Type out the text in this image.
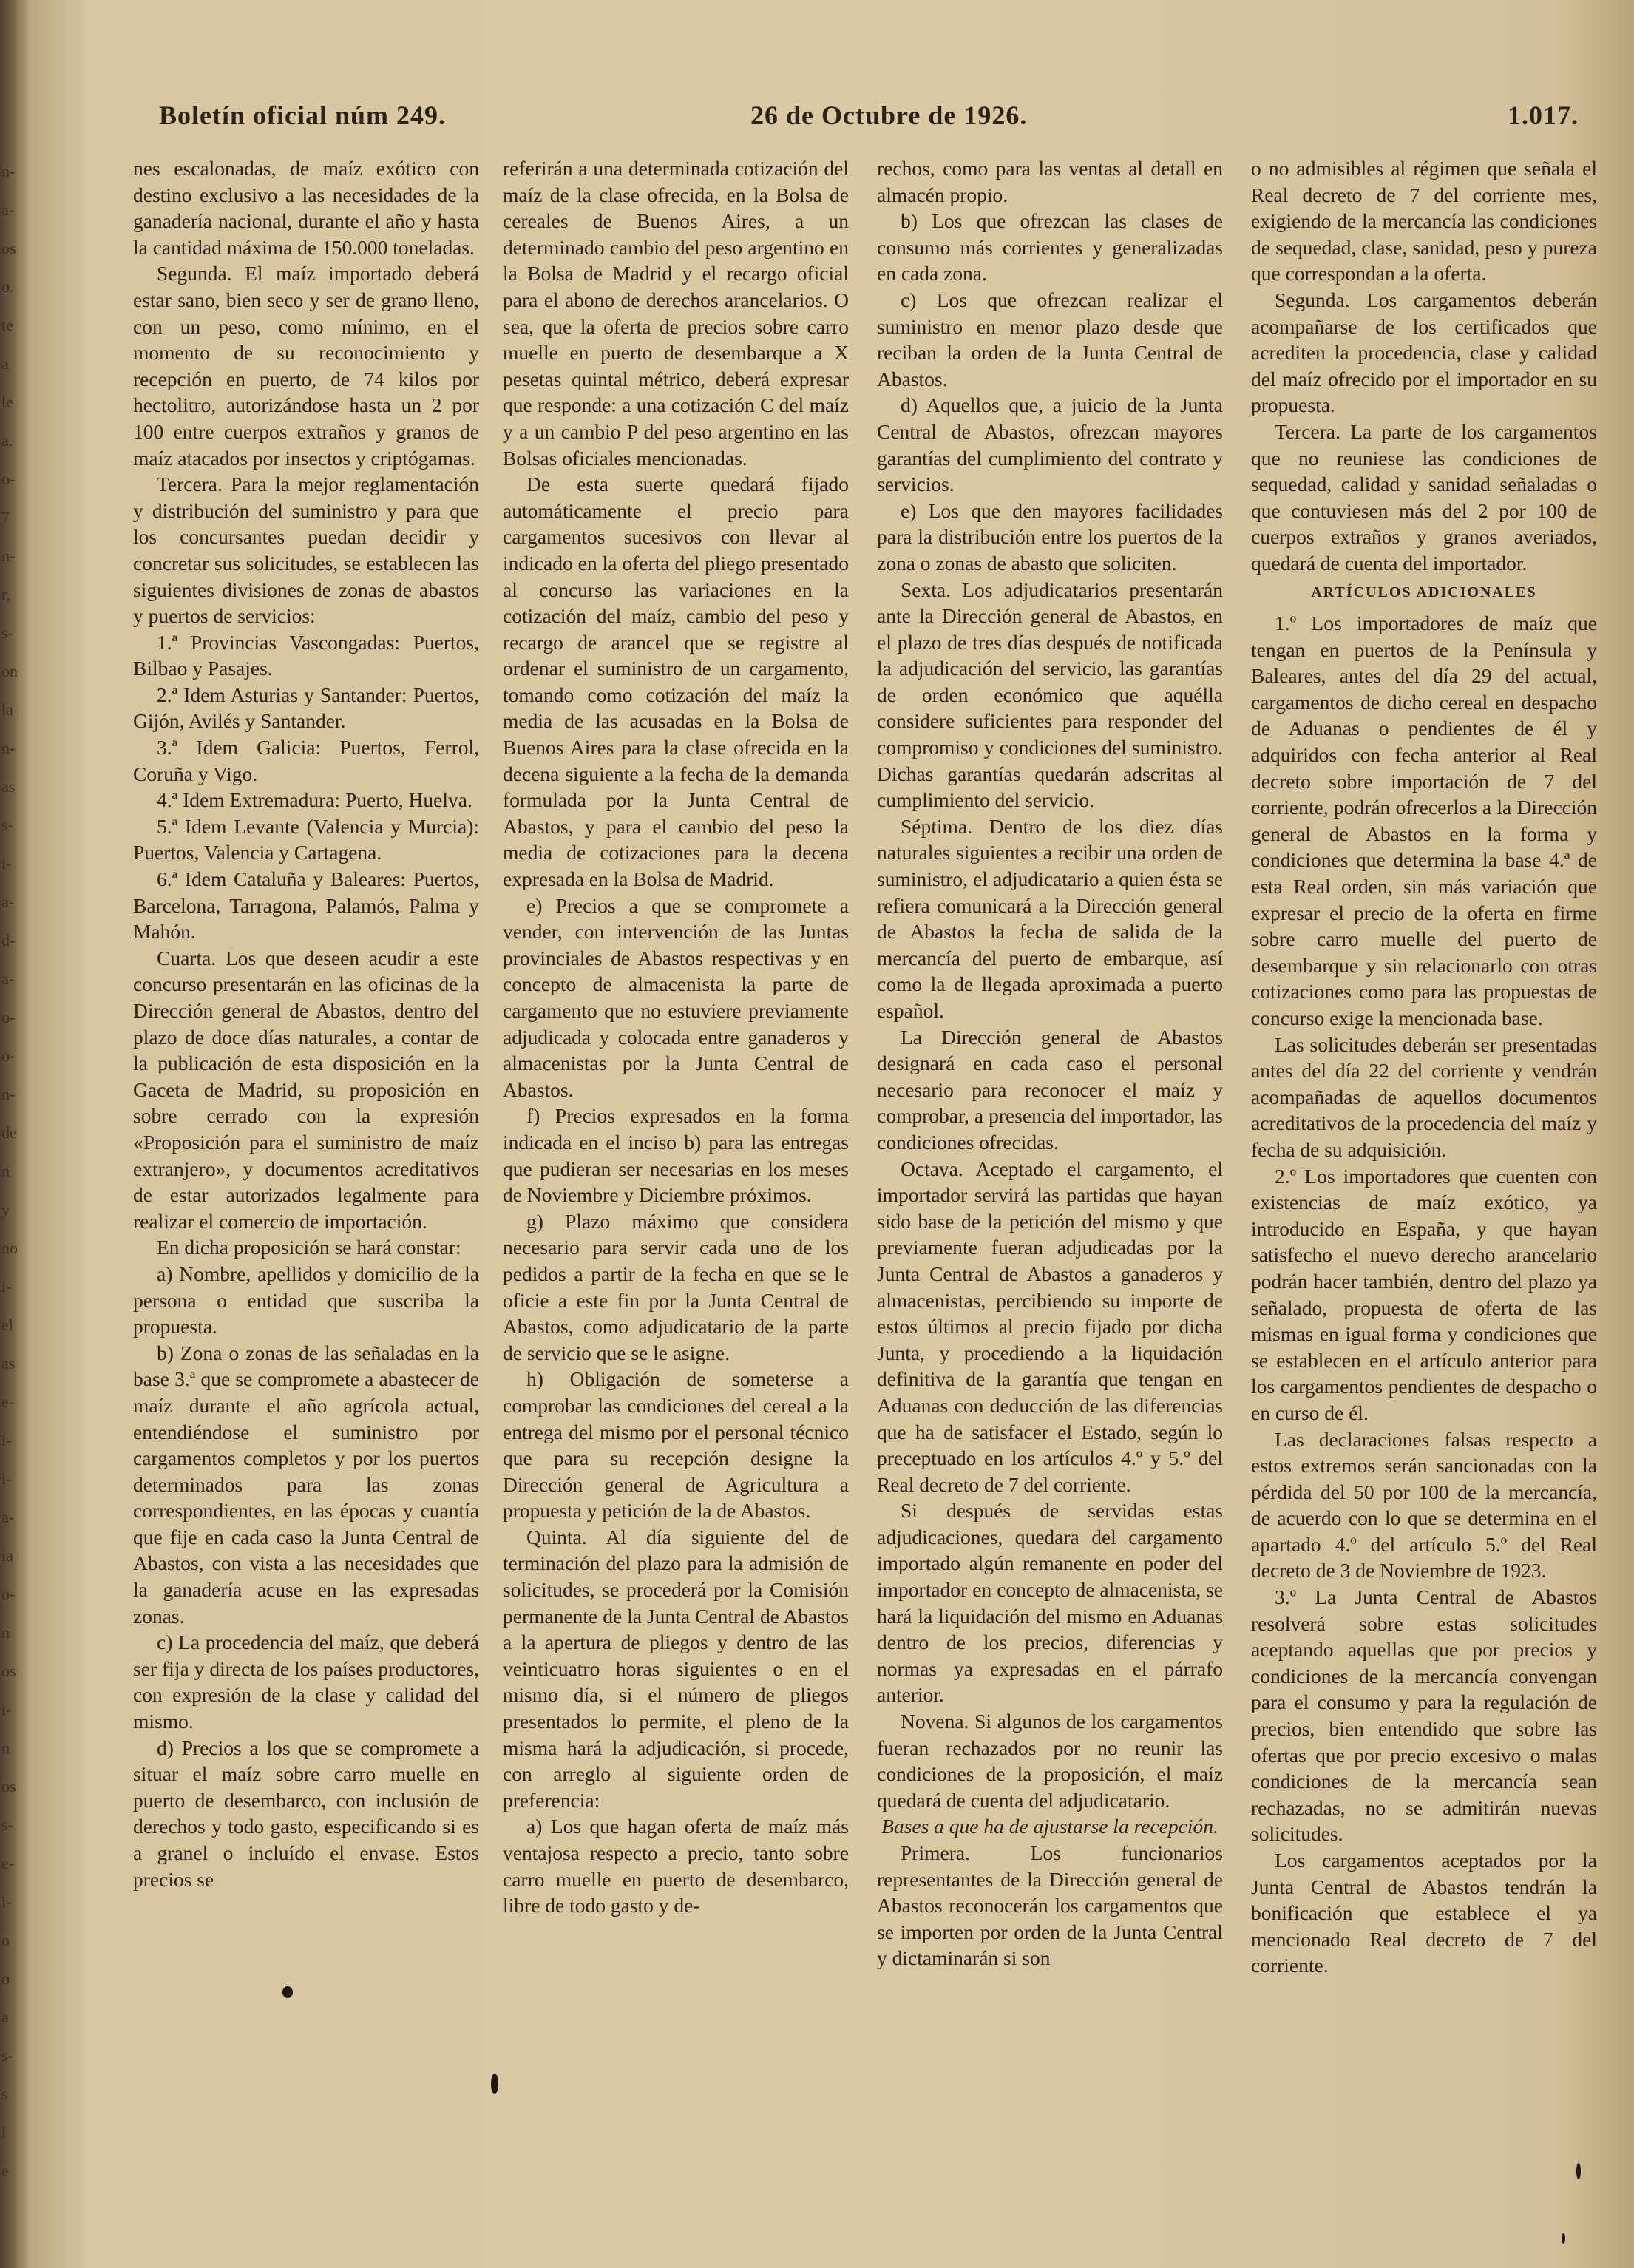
n-
a-
os
o.
te
a
le
a.
o-
7
n-
r,
s-
on
la
n-
as
s-
i-
a-
d-
a-
o-
o-
n-
de
n
y
no
i-
el
as
e-
i-
i-
a-
ia
o-
n
os
i-
n
os
s-
e-
i-
o
o
a
s-
s
l
e
Boletín oficial núm 249.	26 de Octubre de 1926.	1.017.

nes escalonadas, de maíz exótico con destino exclusivo a las necesidades de la ganadería nacional, durante el año y hasta la cantidad máxima de 150.000 toneladas.

Segunda. El maíz importado deberá estar sano, bien seco y ser de grano lleno, con un peso, como mínimo, en el momento de su reconocimiento y recepción en puerto, de 74 kilos por hectolitro, autorizándose hasta un 2 por 100 entre cuerpos extraños y granos de maíz atacados por insectos y criptógamas.

Tercera. Para la mejor reglamentación y distribución del suministro y para que los concursantes puedan decidir y concretar sus solicitudes, se establecen las siguientes divisiones de zonas de abastos y puertos de servicios:

1.ª Provincias Vascongadas: Puertos, Bilbao y Pasajes.

2.ª Idem Asturias y Santander: Puertos, Gijón, Avilés y Santander.

3.ª Idem Galicia: Puertos, Ferrol, Coruña y Vigo.

4.ª Idem Extremadura: Puerto, Huelva.

5.ª Idem Levante (Valencia y Murcia): Puertos, Valencia y Cartagena.

6.ª Idem Cataluña y Baleares: Puertos, Barcelona, Tarragona, Palamós, Palma y Mahón.

Cuarta. Los que deseen acudir a este concurso presentarán en las oficinas de la Dirección general de Abastos, dentro del plazo de doce días naturales, a contar de la publicación de esta disposición en la Gaceta de Madrid, su proposición en sobre cerrado con la expresión «Proposición para el suministro de maíz extranjero», y documentos acreditativos de estar autorizados legalmente para realizar el comercio de importación.

En dicha proposición se hará constar:

a) Nombre, apellidos y domicilio de la persona o entidad que suscriba la propuesta.

b) Zona o zonas de las señaladas en la base 3.ª que se compromete a abastecer de maíz durante el año agrícola actual, entendiéndose el suministro por cargamentos completos y por los puertos determinados para las zonas correspondientes, en las épocas y cuantía que fije en cada caso la Junta Central de Abastos, con vista a las necesidades que la ganadería acuse en las expresadas zonas.

c) La procedencia del maíz, que deberá ser fija y directa de los países productores, con expresión de la clase y calidad del mismo.

d) Precios a los que se compromete a situar el maíz sobre carro muelle en puerto de desembarco, con inclusión de derechos y todo gasto, especificando si es a granel o incluído el envase. Estos precios se

referirán a una determinada cotización del maíz de la clase ofrecida, en la Bolsa de cereales de Buenos Aires, a un determinado cambio del peso argentino en la Bolsa de Madrid y el recargo oficial para el abono de derechos arancelarios. O sea, que la oferta de precios sobre carro muelle en puerto de desembarque a X pesetas quintal métrico, deberá expresar que responde: a una cotización C del maíz y a un cambio P del peso argentino en las Bolsas oficiales mencionadas.

De esta suerte quedará fijado automáticamente el precio para cargamentos sucesivos con llevar al indicado en la oferta del pliego presentado al concurso las variaciones en la cotización del maíz, cambio del peso y recargo de arancel que se registre al ordenar el suministro de un cargamento, tomando como cotización del maíz la media de las acusadas en la Bolsa de Buenos Aires para la clase ofrecida en la decena siguiente a la fecha de la demanda formulada por la Junta Central de Abastos, y para el cambio del peso la media de cotizaciones para la decena expresada en la Bolsa de Madrid.

e) Precios a que se compromete a vender, con intervención de las Juntas provinciales de Abastos respectivas y en concepto de almacenista la parte de cargamento que no estuviere previamente adjudicada y colocada entre ganaderos y almacenistas por la Junta Central de Abastos.

f) Precios expresados en la forma indicada en el inciso b) para las entregas que pudieran ser necesarias en los meses de Noviembre y Diciembre próximos.

g) Plazo máximo que considera necesario para servir cada uno de los pedidos a partir de la fecha en que se le oficie a este fin por la Junta Central de Abastos, como adjudicatario de la parte de servicio que se le asigne.

h) Obligación de someterse a comprobar las condiciones del cereal a la entrega del mismo por el personal técnico que para su recepción designe la Dirección general de Agricultura a propuesta y petición de la de Abastos.

Quinta. Al día siguiente del de terminación del plazo para la admisión de solicitudes, se procederá por la Comisión permanente de la Junta Central de Abastos a la apertura de pliegos y dentro de las veinticuatro horas siguientes o en el mismo día, si el número de pliegos presentados lo permite, el pleno de la misma hará la adjudicación, si procede, con arreglo al siguiente orden de preferencia:

a) Los que hagan oferta de maíz más ventajosa respecto a precio, tanto sobre carro muelle en puerto de desembarco, libre de todo gasto y de-

rechos, como para las ventas al detall en almacén propio.

b) Los que ofrezcan las clases de consumo más corrientes y generalizadas en cada zona.

c) Los que ofrezcan realizar el suministro en menor plazo desde que reciban la orden de la Junta Central de Abastos.

d) Aquellos que, a juicio de la Junta Central de Abastos, ofrezcan mayores garantías del cumplimiento del contrato y servicios.

e) Los que den mayores facilidades para la distribución entre los puertos de la zona o zonas de abasto que soliciten.

Sexta. Los adjudicatarios presentarán ante la Dirección general de Abastos, en el plazo de tres días después de notificada la adjudicación del servicio, las garantías de orden económico que aquélla considere suficientes para responder del compromiso y condiciones del suministro. Dichas garantías quedarán adscritas al cumplimiento del servicio.

Séptima. Dentro de los diez días naturales siguientes a recibir una orden de suministro, el adjudicatario a quien ésta se refiera comunicará a la Dirección general de Abastos la fecha de salida de la mercancía del puerto de embarque, así como la de llegada aproximada a puerto español.

La Dirección general de Abastos designará en cada caso el personal necesario para reconocer el maíz y comprobar, a presencia del importador, las condiciones ofrecidas.

Octava. Aceptado el cargamento, el importador servirá las partidas que hayan sido base de la petición del mismo y que previamente fueran adjudicadas por la Junta Central de Abastos a ganaderos y almacenistas, percibiendo su importe de estos últimos al precio fijado por dicha Junta, y procediendo a la liquidación definitiva de la garantía que tengan en Aduanas con deducción de las diferencias que ha de satisfacer el Estado, según lo preceptuado en los artículos 4.º y 5.º del Real decreto de 7 del corriente.

Si después de servidas estas adjudicaciones, quedara del cargamento importado algún remanente en poder del importador en concepto de almacenista, se hará la liquidación del mismo en Aduanas dentro de los precios, diferencias y normas ya expresadas en el párrafo anterior.

Novena. Si algunos de los cargamentos fueran rechazados por no reunir las condiciones de la proposición, el maíz quedará de cuenta del adjudicatario.

Bases a que ha de ajustarse la recepción.

Primera. Los funcionarios representantes de la Dirección general de Abastos reconocerán los cargamentos que se importen por orden de la Junta Central y dictaminarán si son

o no admisibles al régimen que señala el Real decreto de 7 del corriente mes, exigiendo de la mercancía las condiciones de sequedad, clase, sanidad, peso y pureza que correspondan a la oferta.

Segunda. Los cargamentos deberán acompañarse de los certificados que acrediten la procedencia, clase y calidad del maíz ofrecido por el importador en su propuesta.

Tercera. La parte de los cargamentos que no reuniese las condiciones de sequedad, calidad y sanidad señaladas o que contuviesen más del 2 por 100 de cuerpos extraños y granos averiados, quedará de cuenta del importador.

ARTÍCULOS ADICIONALES

1.º Los importadores de maíz que tengan en puertos de la Península y Baleares, antes del día 29 del actual, cargamentos de dicho cereal en despacho de Aduanas o pendientes de él y adquiridos con fecha anterior al Real decreto sobre importación de 7 del corriente, podrán ofrecerlos a la Dirección general de Abastos en la forma y condiciones que determina la base 4.ª de esta Real orden, sin más variación que expresar el precio de la oferta en firme sobre carro muelle del puerto de desembarque y sin relacionarlo con otras cotizaciones como para las propuestas de concurso exige la mencionada base.

Las solicitudes deberán ser presentadas antes del día 22 del corriente y vendrán acompañadas de aquellos documentos acreditativos de la procedencia del maíz y fecha de su adquisición.

2.º Los importadores que cuenten con existencias de maíz exótico, ya introducido en España, y que hayan satisfecho el nuevo derecho arancelario podrán hacer también, dentro del plazo ya señalado, propuesta de oferta de las mismas en igual forma y condiciones que se establecen en el artículo anterior para los cargamentos pendientes de despacho o en curso de él.

Las declaraciones falsas respecto a estos extremos serán sancionadas con la pérdida del 50 por 100 de la mercancía, de acuerdo con lo que se determina en el apartado 4.º del artículo 5.º del Real decreto de 3 de Noviembre de 1923.

3.º La Junta Central de Abastos resolverá sobre estas solicitudes aceptando aquellas que por precios y condiciones de la mercancía convengan para el consumo y para la regulación de precios, bien entendido que sobre las ofertas que por precio excesivo o malas condiciones de la mercancía sean rechazadas, no se admitirán nuevas solicitudes.

Los cargamentos aceptados por la Junta Central de Abastos tendrán la bonificación que establece el ya mencionado Real decreto de 7 del corriente.
